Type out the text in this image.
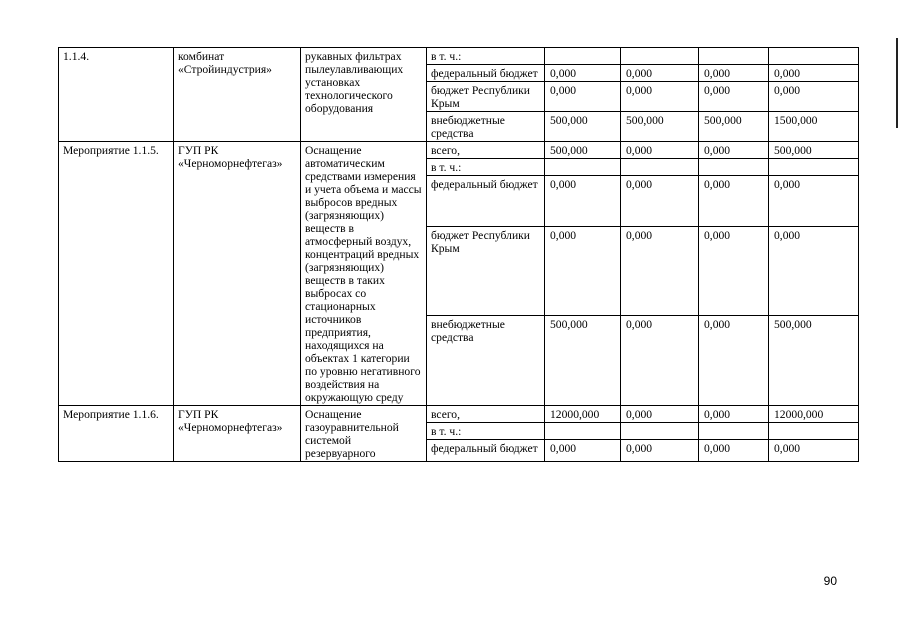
1.1.4.	комбинат «Стройиндустрия»	рукавных фильтрах пылеулавливающих установках технологического оборудования	в т. ч.:				
			федеральный бюджет	0,000	0,000	0,000	0,000
			бюджет Республики Крым	0,000	0,000	0,000	0,000
			внебюджетные средства	500,000	500,000	500,000	1500,000
Мероприятие 1.1.5.	ГУП РК «Черноморнефтегаз»	Оснащение автоматическим средствами измерения и учета объема и массы выбросов вредных (загрязняющих) веществ в атмосферный воздух, концентраций вредных (загрязняющих) веществ в таких выбросах со стационарных источников предприятия, находящихся на объектах 1 категории по уровню негативного воздействия на окружающую среду	всего,	500,000	0,000	0,000	500,000
			в т. ч.:				
			федеральный бюджет	0,000	0,000	0,000	0,000
			бюджет Республики Крым	0,000	0,000	0,000	0,000
			внебюджетные средства	500,000	0,000	0,000	500,000
Мероприятие 1.1.6.	ГУП РК «Черноморнефтегаз»	Оснащение газоуравнительной системой резервуарного	всего,	12000,000	0,000	0,000	12000,000
			в т. ч.:				
			федеральный бюджет	0,000	0,000	0,000	0,000
90
